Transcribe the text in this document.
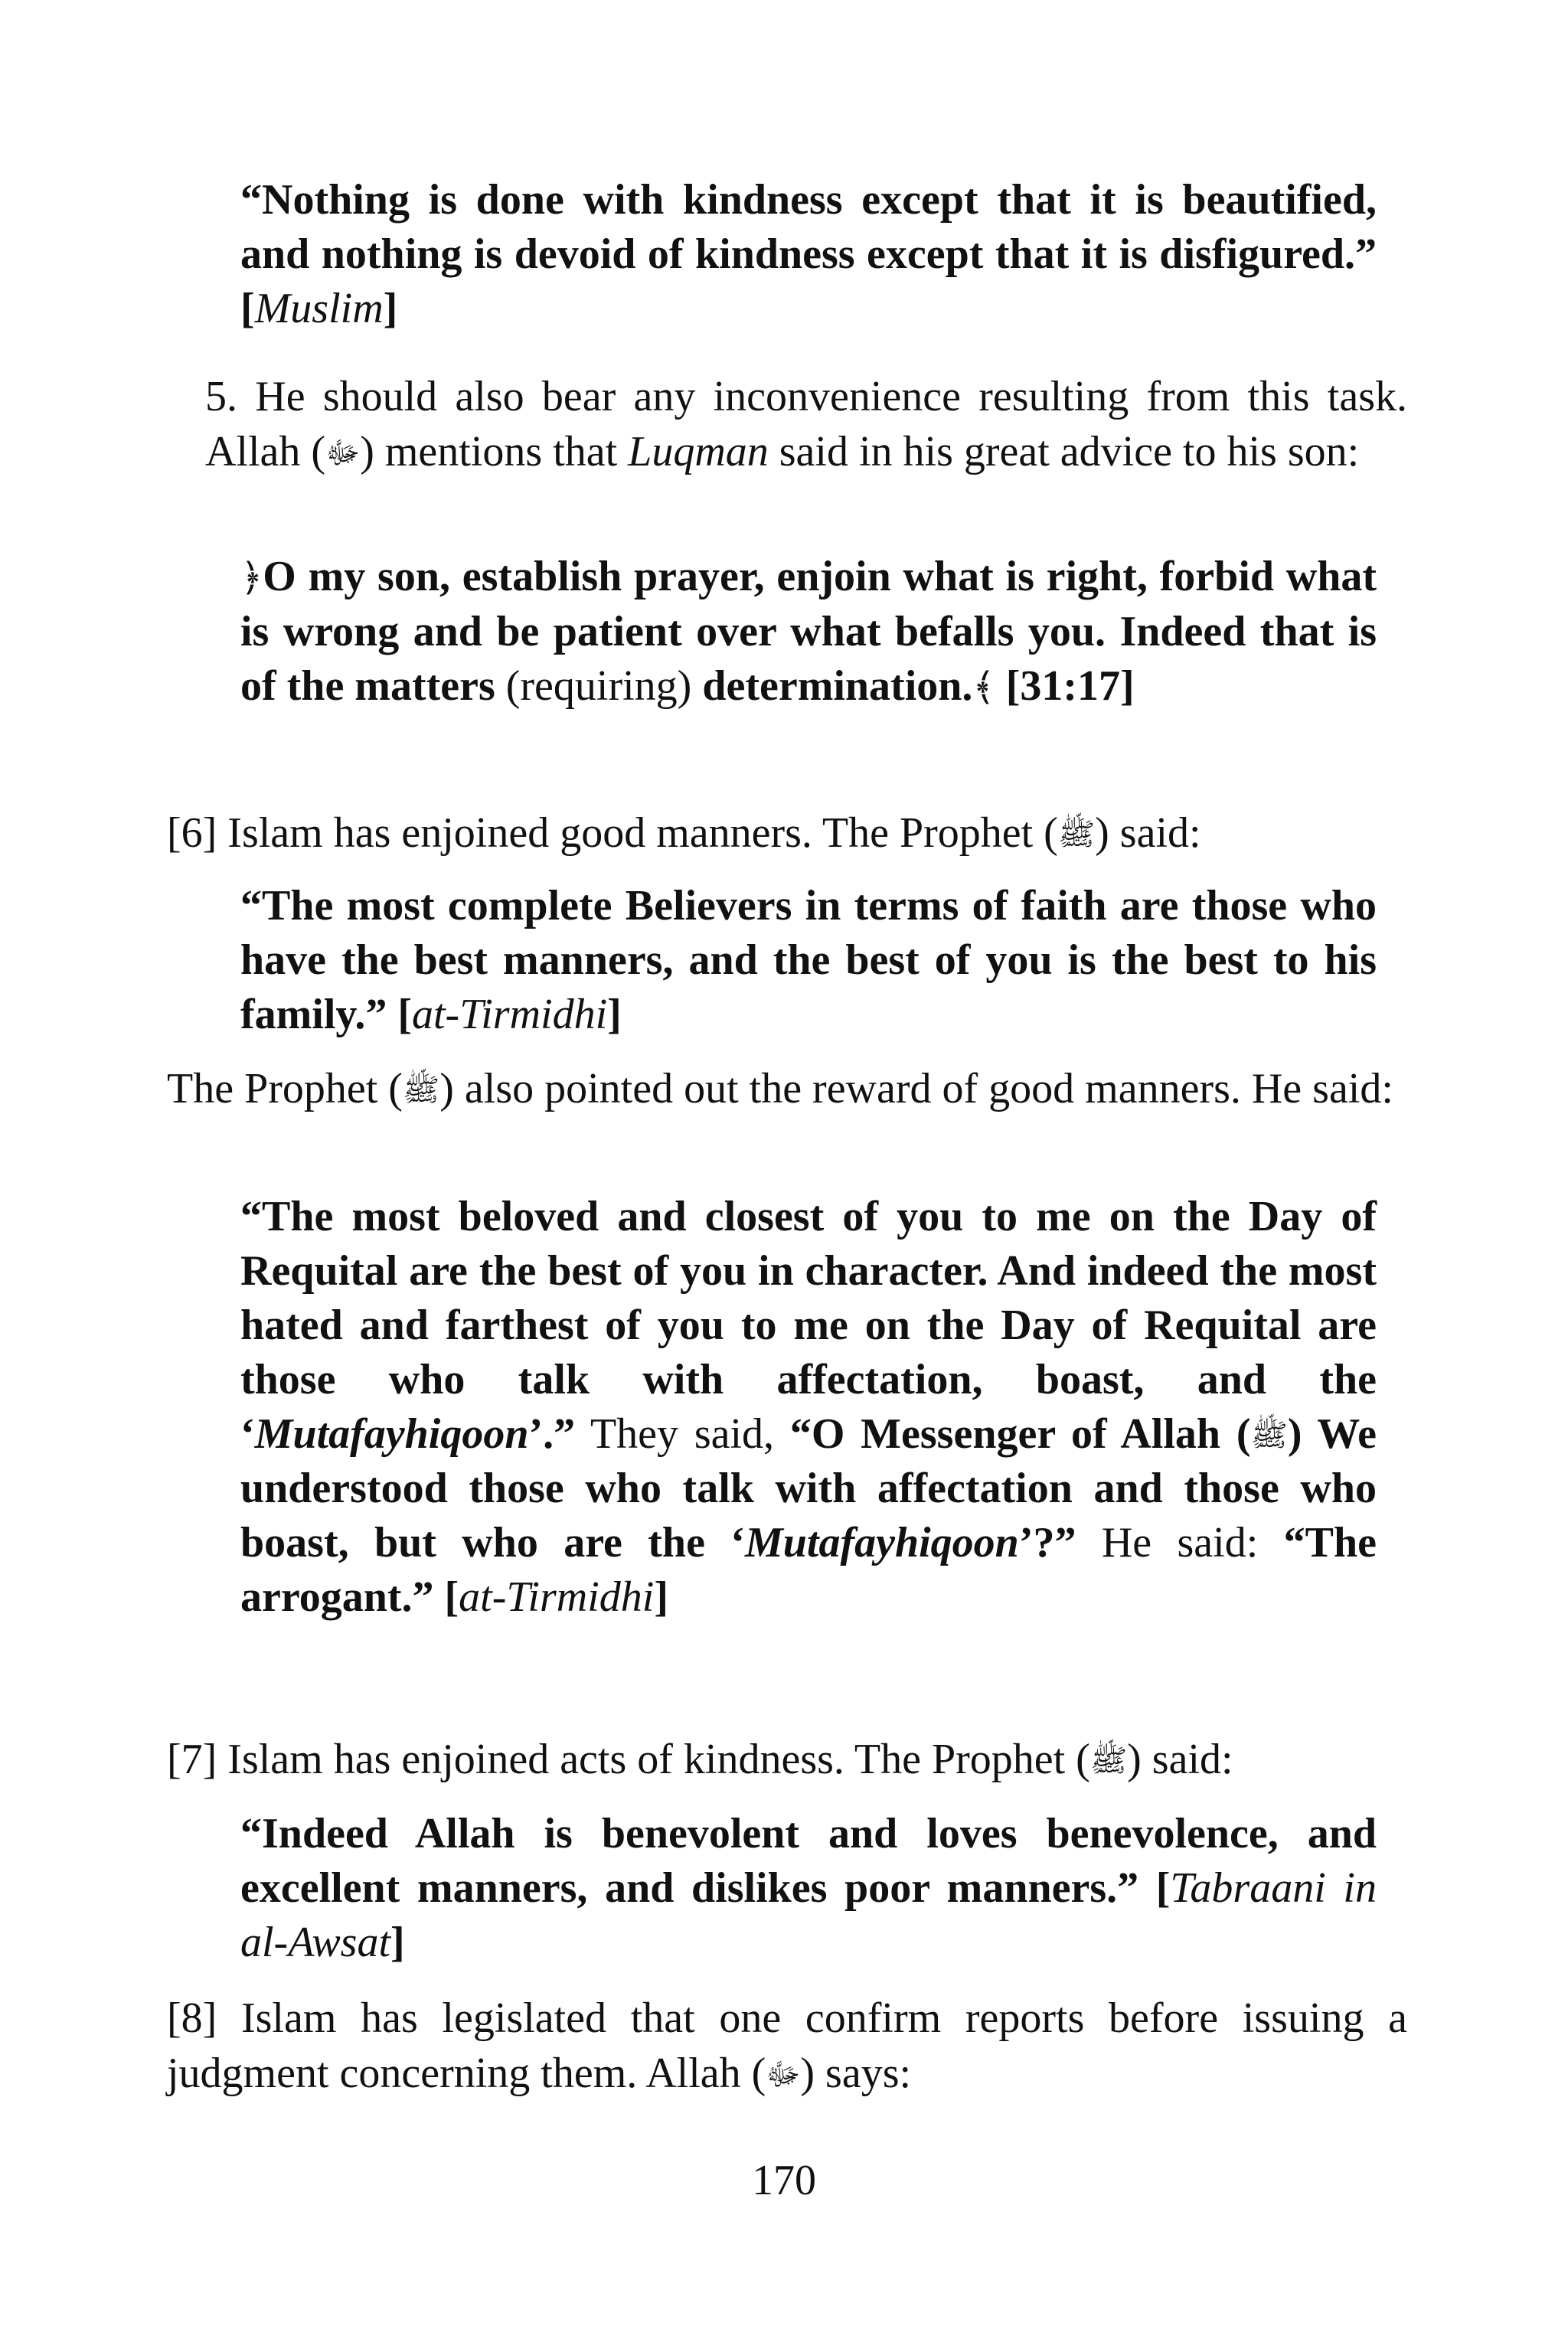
“Nothing is done with kindness except that it is beautified, and nothing is devoid of kindness except that it is disfigured.” [Muslim]

5. He should also bear any inconvenience resulting from this task. Allah (ﷻ) mentions that Luqman said in his great advice to his son:

﴿O my son, establish prayer, enjoin what is right, forbid what is wrong and be patient over what befalls you. Indeed that is of the matters (requiring) determination.﴾ [31:17]

[6] Islam has enjoined good manners. The Prophet (ﷺ) said:

“The most complete Believers in terms of faith are those who have the best manners, and the best of you is the best to his family.” [at-Tirmidhi]

The Prophet (ﷺ) also pointed out the reward of good manners. He said:

“The most beloved and closest of you to me on the Day of Requital are the best of you in character. And indeed the most hated and farthest of you to me on the Day of Requital are those who talk with affectation, boast, and the ‘Mutafayhiqoon’.” They said, “O Messenger of Allah (ﷺ) We understood those who talk with affectation and those who boast, but who are the ‘Mutafayhiqoon’?” He said: “The arrogant.” [at-Tirmidhi]

[7] Islam has enjoined acts of kindness. The Prophet (ﷺ) said:

“Indeed Allah is benevolent and loves benevolence, and excellent manners, and dislikes poor manners.” [Tabraani in al-Awsat]

[8] Islam has legislated that one confirm reports before issuing a judgment concerning them. Allah (ﷻ) says:

170
